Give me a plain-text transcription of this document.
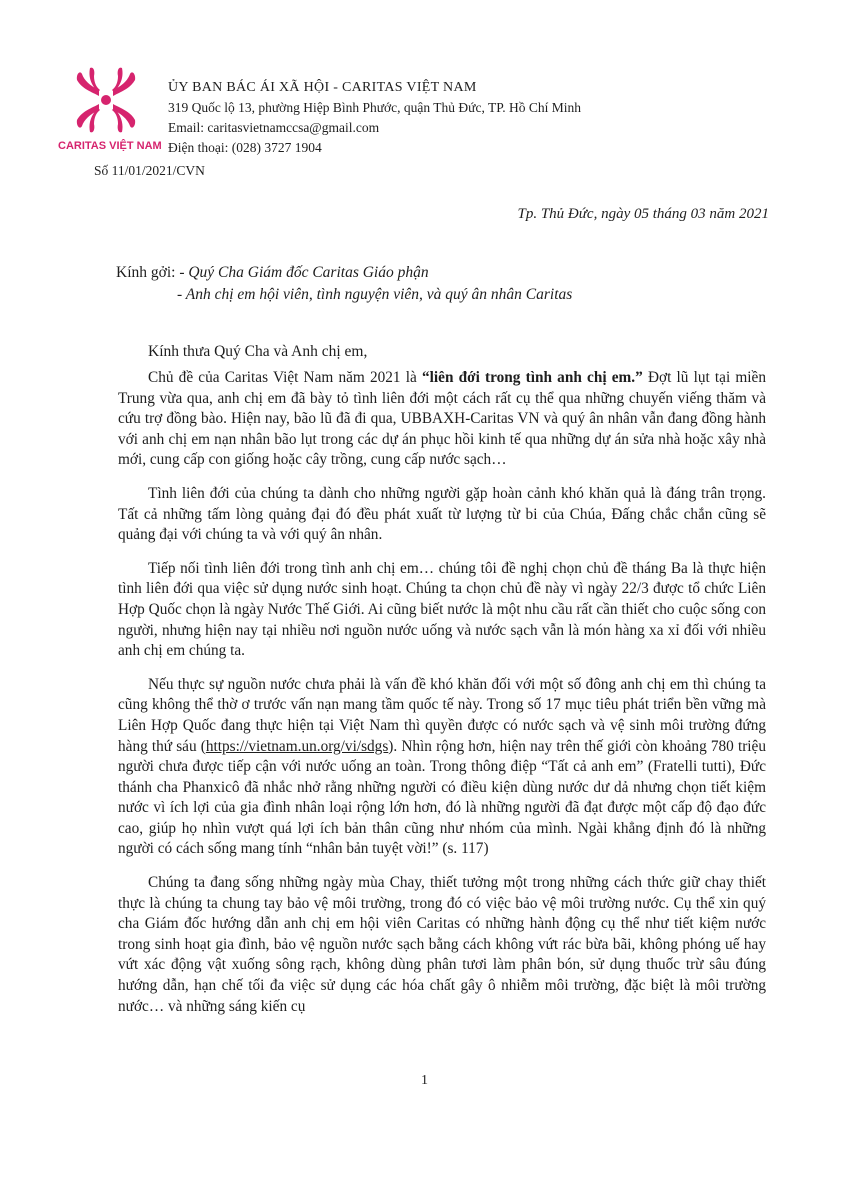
CARITAS VIỆT NAM
ỦY BAN BÁC ÁI XÃ HỘI - CARITAS VIỆT NAM
319 Quốc lộ 13, phường Hiệp Bình Phước, quận Thủ Đức, TP. Hồ Chí Minh
Email: caritasvietnamccsa@gmail.com
Điện thoại: (028) 3727 1904
Số 11/01/2021/CVN
Tp. Thủ Đức, ngày 05 tháng 03 năm 2021
Kính gởi: - Quý Cha Giám đốc Caritas Giáo phận
- Anh chị em hội viên, tình nguyện viên, và quý ân nhân Caritas
Kính thưa Quý Cha và Anh chị em,

Chủ đề của Caritas Việt Nam năm 2021 là “liên đới trong tình anh chị em.” Đợt lũ lụt tại miền Trung vừa qua, anh chị em đã bày tỏ tình liên đới một cách rất cụ thể qua những chuyến viếng thăm và cứu trợ đồng bào. Hiện nay, bão lũ đã đi qua, UBBAXH-Caritas VN và quý ân nhân vẫn đang đồng hành với anh chị em nạn nhân bão lụt trong các dự án phục hồi kinh tế qua những dự án sửa nhà hoặc xây nhà mới, cung cấp con giống hoặc cây trồng, cung cấp nước sạch…

Tình liên đới của chúng ta dành cho những người gặp hoàn cảnh khó khăn quả là đáng trân trọng. Tất cả những tấm lòng quảng đại đó đều phát xuất từ lượng từ bi của Chúa, Đấng chắc chắn cũng sẽ quảng đại với chúng ta và với quý ân nhân.

Tiếp nối tình liên đới trong tình anh chị em… chúng tôi đề nghị chọn chủ đề tháng Ba là thực hiện tình liên đới qua việc sử dụng nước sinh hoạt. Chúng ta chọn chủ đề này vì ngày 22/3 được tổ chức Liên Hợp Quốc chọn là ngày Nước Thế Giới. Ai cũng biết nước là một nhu cầu rất cần thiết cho cuộc sống con người, nhưng hiện nay tại nhiều nơi nguồn nước uống và nước sạch vẫn là món hàng xa xỉ đối với nhiều anh chị em chúng ta.

Nếu thực sự nguồn nước chưa phải là vấn đề khó khăn đối với một số đông anh chị em thì chúng ta cũng không thể thờ ơ trước vấn nạn mang tầm quốc tế này. Trong số 17 mục tiêu phát triển bền vững mà Liên Hợp Quốc đang thực hiện tại Việt Nam thì quyền được có nước sạch và vệ sinh môi trường đứng hàng thứ sáu (https://vietnam.un.org/vi/sdgs). Nhìn rộng hơn, hiện nay trên thế giới còn khoảng 780 triệu người chưa được tiếp cận với nước uống an toàn. Trong thông điệp “Tất cả anh em” (Fratelli tutti), Đức thánh cha Phanxicô đã nhắc nhở rằng những người có điều kiện dùng nước dư dả nhưng chọn tiết kiệm nước vì ích lợi của gia đình nhân loại rộng lớn hơn, đó là những người đã đạt được một cấp độ đạo đức cao, giúp họ nhìn vượt quá lợi ích bản thân cũng như nhóm của mình. Ngài khẳng định đó là những người có cách sống mang tính “nhân bản tuyệt vời!” (s. 117)

Chúng ta đang sống những ngày mùa Chay, thiết tưởng một trong những cách thức giữ chay thiết thực là chúng ta chung tay bảo vệ môi trường, trong đó có việc bảo vệ môi trường nước. Cụ thể xin quý cha Giám đốc hướng dẫn anh chị em hội viên Caritas có những hành động cụ thể như tiết kiệm nước trong sinh hoạt gia đình, bảo vệ nguồn nước sạch bằng cách không vứt rác bừa bãi, không phóng uế hay vứt xác động vật xuống sông rạch, không dùng phân tươi làm phân bón, sử dụng thuốc trừ sâu đúng hướng dẫn, hạn chế tối đa việc sử dụng các hóa chất gây ô nhiễm môi trường, đặc biệt là môi trường nước… và những sáng kiến cụ

1
